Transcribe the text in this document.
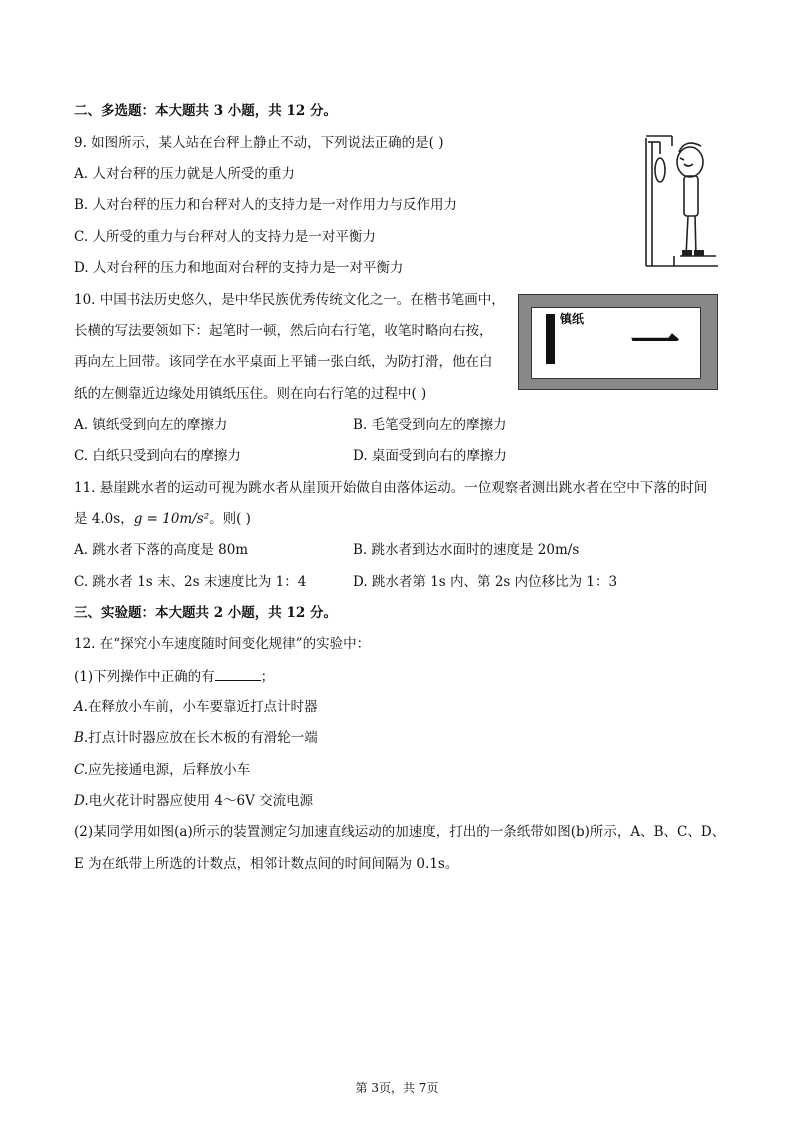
二、多选题：本大题共 3 小题，共 12 分。
9. 如图所示，某人站在台秤上静止不动，下列说法正确的是( )
A. 人对台秤的压力就是人所受的重力
B. 人对台秤的压力和台秤对人的支持力是一对作用力与反作用力
C. 人所受的重力与台秤对人的支持力是一对平衡力
D. 人对台秤的压力和地面对台秤的支持力是一对平衡力
10. 中国书法历史悠久，是中华民族优秀传统文化之一。在楷书笔画中，
长横的写法要领如下：起笔时一顿，然后向右行笔，收笔时略向右按，
再向左上回带。该同学在水平桌面上平铺一张白纸，为防打滑，他在白
纸的左侧靠近边缘处用镇纸压住。则在向右行笔的过程中( )
镇纸 一
A. 镇纸受到向左的摩擦力	B. 毛笔受到向左的摩擦力
C. 白纸只受到向右的摩擦力	D. 桌面受到向右的摩擦力
11. 悬崖跳水者的运动可视为跳水者从崖顶开始做自由落体运动。一位观察者测出跳水者在空中下落的时间
是 4.0s，g = 10m/s²。则( )
A. 跳水者下落的高度是 80m	B. 跳水者到达水面时的速度是 20m/s
C. 跳水者 1s 末、2s 末速度比为 1：4	D. 跳水者第 1s 内、第 2s 内位移比为 1：3
三、实验题：本大题共 2 小题，共 12 分。
12. 在“探究小车速度随时间变化规律”的实验中：
(1)下列操作中正确的有	；
A.在释放小车前，小车要靠近打点计时器
B.打点计时器应放在长木板的有滑轮一端
C.应先接通电源，后释放小车
D.电火花计时器应使用 4～6V 交流电源
(2)某同学用如图(a)所示的装置测定匀加速直线运动的加速度，打出的一条纸带如图(b)所示，A、B、C、D、
E 为在纸带上所选的计数点，相邻计数点间的时间间隔为 0.1s。
第 3页，共 7页
